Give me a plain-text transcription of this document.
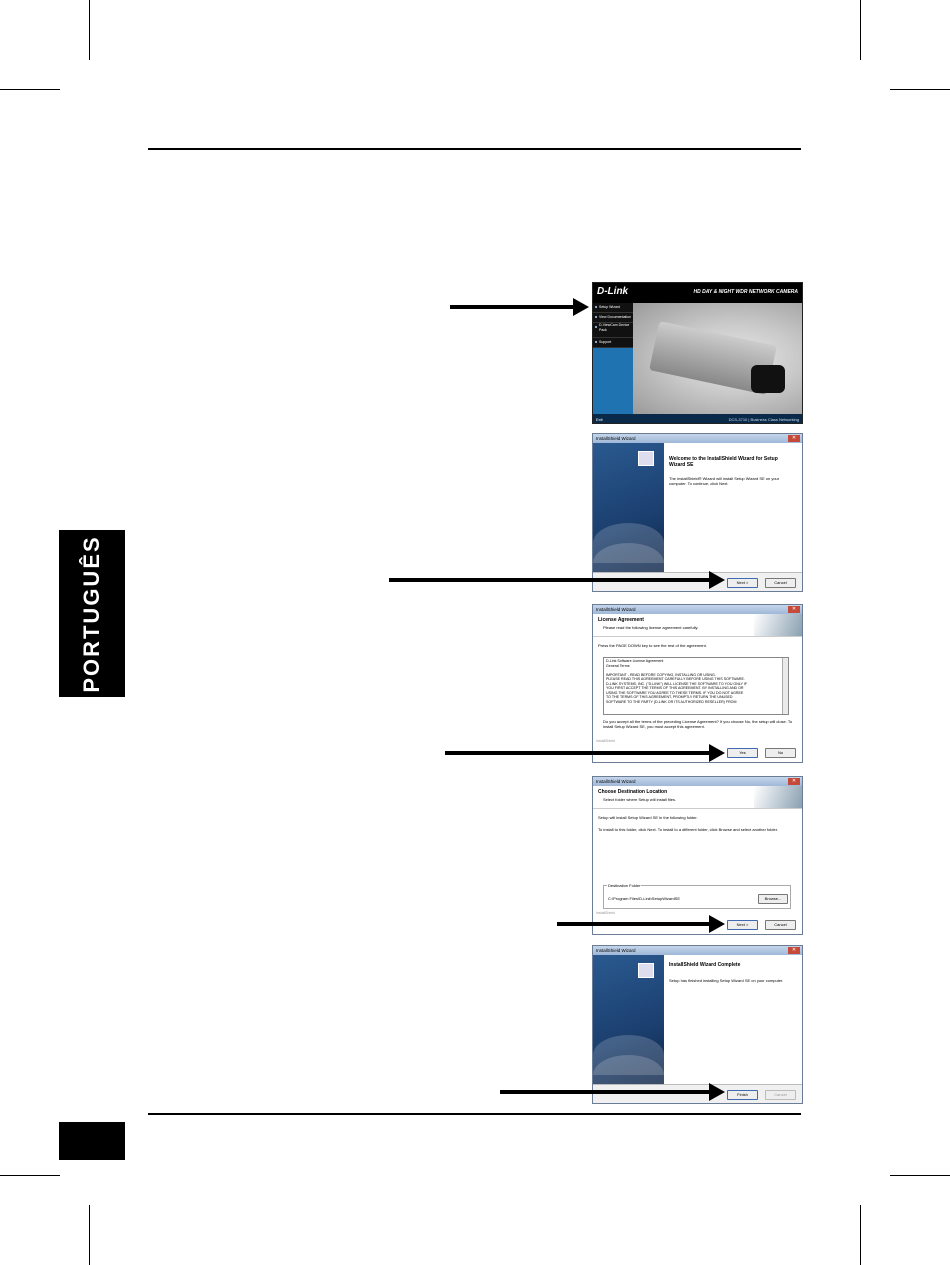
PORTUGUÊS
D-Link	HD DAY & NIGHT WDR NETWORK CAMERA
Setup Wizard
View Documentation
D-ViewCam Device Pack
Support
Exit	DCS-3710 | Business Class Networking
InstallShield Wizard	✕
Welcome to the InstallShield Wizard for Setup Wizard SE
The InstallShield® Wizard will install Setup Wizard SE on your computer. To continue, click Next.
Next >	Cancel
InstallShield Wizard	✕
License Agreement
Please read the following license agreement carefully.
Press the PAGE DOWN key to see the rest of the agreement.
D-Link Software License Agreement
General Terms

IMPORTANT - READ BEFORE COPYING, INSTALLING OR USING.
PLEASE READ THIS AGREEMENT CAREFULLY BEFORE USING THIS SOFTWARE.
D-LINK SYSTEMS, INC. ("D-LINK") WILL LICENSE THE SOFTWARE TO YOU ONLY IF
YOU FIRST ACCEPT THE TERMS OF THIS AGREEMENT. BY INSTALLING AND OR
USING THE SOFTWARE YOU AGREE TO THESE TERMS. IF YOU DO NOT AGREE
TO THE TERMS OF THIS AGREEMENT, PROMPTLY RETURN THE UNUSED
SOFTWARE TO THE PARTY (D-LINK OR ITS AUTHORIZED RESELLER) FROM
Do you accept all the terms of the preceding License Agreement? If you choose No, the setup will close. To install Setup Wizard SE, you must accept this agreement.
InstallShield
Yes	No
InstallShield Wizard	✕
Choose Destination Location
Select folder where Setup will install files.
Setup will install Setup Wizard SE in the following folder.
To install to this folder, click Next. To install to a different folder, click Browse and select another folder.
Destination Folder
C:\Program Files\D-Link\SetupWizardSE	Browse...
InstallShield
Next >	Cancel
InstallShield Wizard	✕
InstallShield Wizard Complete
Setup has finished installing Setup Wizard SE on your computer.
Finish	Cancel
